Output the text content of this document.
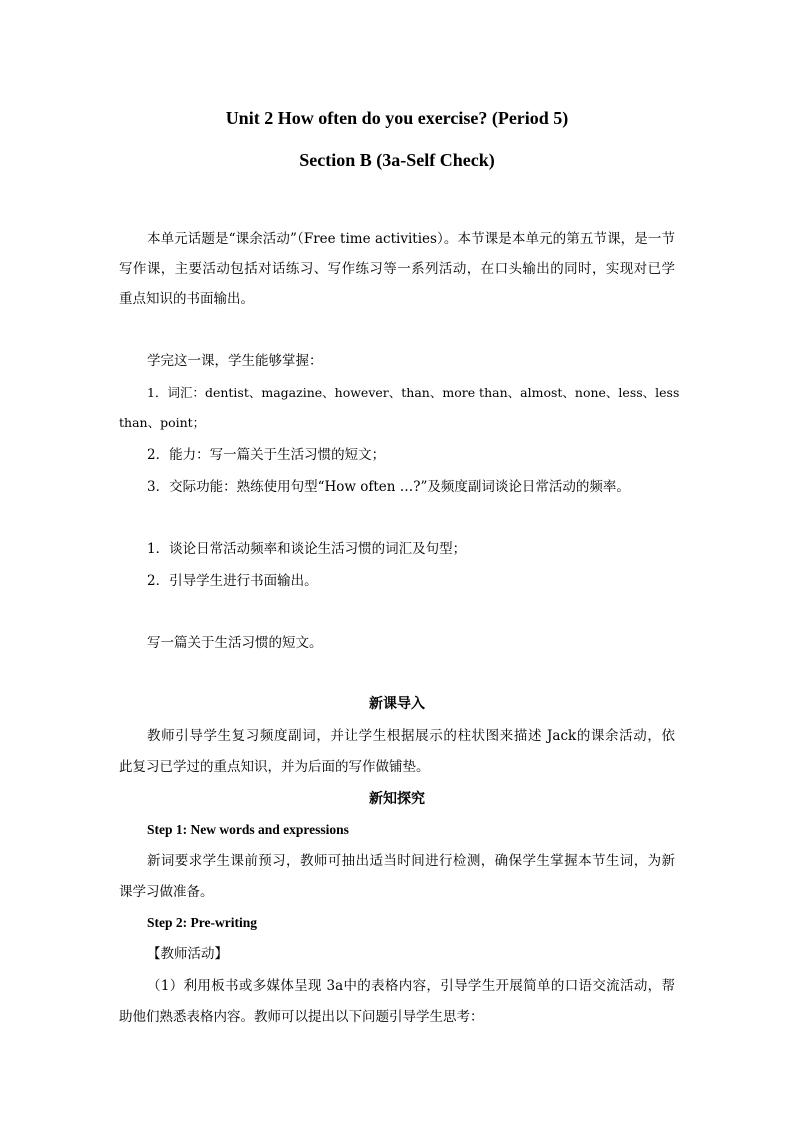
Unit 2 How often do you exercise? (Period 5)
Section B (3a-Self Check)
本单元话题是“课余活动”（Free time activities）。本节课是本单元的第五节课，是一节
写作课，主要活动包括对话练习、写作练习等一系列活动，在口头输出的同时，实现对已学
重点知识的书面输出。
学完这一课，学生能够掌握：
1．词汇：dentist、magazine、however、than、more than、almost、none、less、less
than、point；
2．能力：写一篇关于生活习惯的短文；
3．交际功能：熟练使用句型“How often …?”及频度副词谈论日常活动的频率。
1．谈论日常活动频率和谈论生活习惯的词汇及句型；
2．引导学生进行书面输出。
写一篇关于生活习惯的短文。
新课导入
教师引导学生复习频度副词，并让学生根据展示的柱状图来描述 Jack的课余活动，依
此复习已学过的重点知识，并为后面的写作做铺垫。
新知探究
Step 1: New words and expressions
新词要求学生课前预习，教师可抽出适当时间进行检测，确保学生掌握本节生词，为新
课学习做准备。
Step 2: Pre-writing
【教师活动】
（1）利用板书或多媒体呈现 3a中的表格内容，引导学生开展简单的口语交流活动，帮
助他们熟悉表格内容。教师可以提出以下问题引导学生思考：
